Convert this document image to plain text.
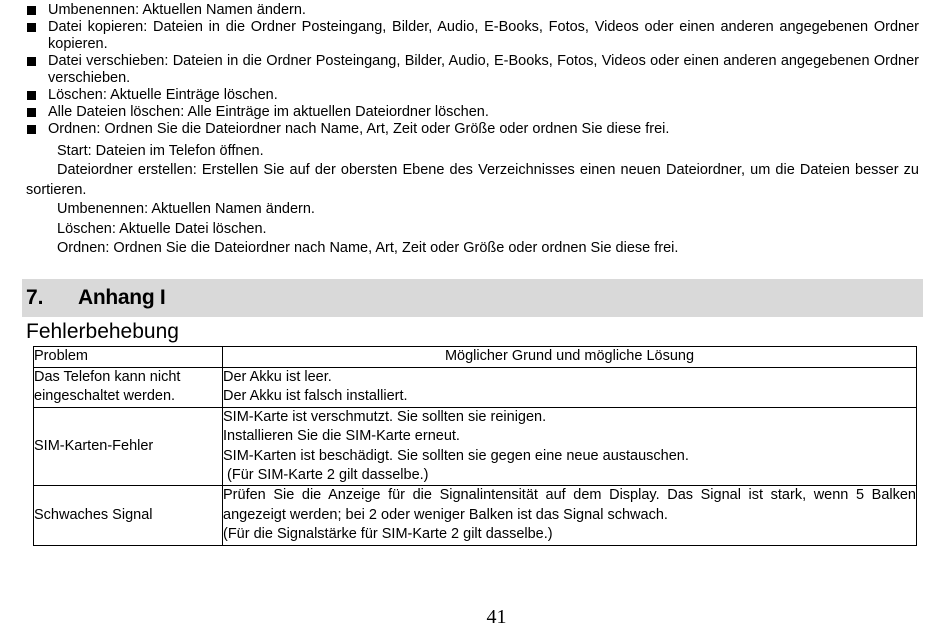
Umbenennen: Aktuellen Namen ändern.
Datei kopieren: Dateien in die Ordner Posteingang, Bilder, Audio, E-Books, Fotos, Videos oder einen anderen angegebenen Ordner kopieren.
Datei verschieben: Dateien in die Ordner Posteingang, Bilder, Audio, E-Books, Fotos, Videos oder einen anderen angegebenen Ordner verschieben.
Löschen: Aktuelle Einträge löschen.
Alle Dateien löschen: Alle Einträge im aktuellen Dateiordner löschen.
Ordnen: Ordnen Sie die Dateiordner nach Name, Art, Zeit oder Größe oder ordnen Sie diese frei.

Start: Dateien im Telefon öffnen.

Dateiordner erstellen: Erstellen Sie auf der obersten Ebene des Verzeichnisses einen neuen Dateiordner, um die Dateien besser zu sortieren.

Umbenennen: Aktuellen Namen ändern.

Löschen: Aktuelle Datei löschen.

Ordnen: Ordnen Sie die Dateiordner nach Name, Art, Zeit oder Größe oder ordnen Sie diese frei.

7. Anhang I
Fehlerbehebung
Problem	Möglicher Grund und mögliche Lösung
Das Telefon kann nicht eingeschaltet werden.	Der Akku ist leer.
Der Akku ist falsch installiert.

SIM-Karten-Fehler	SIM-Karte ist verschmutzt. Sie sollten sie reinigen.
Installieren Sie die SIM-Karte erneut.
SIM-Karten ist beschädigt. Sie sollten sie gegen eine neue austauschen.
(Für SIM-Karte 2 gilt dasselbe.)

Schwaches Signal	Prüfen Sie die Anzeige für die Signalintensität auf dem Display. Das Signal ist stark, wenn 5 Balken angezeigt werden; bei 2 oder weniger Balken ist das Signal schwach.
(Für die Signalstärke für SIM-Karte 2 gilt dasselbe.)
41
